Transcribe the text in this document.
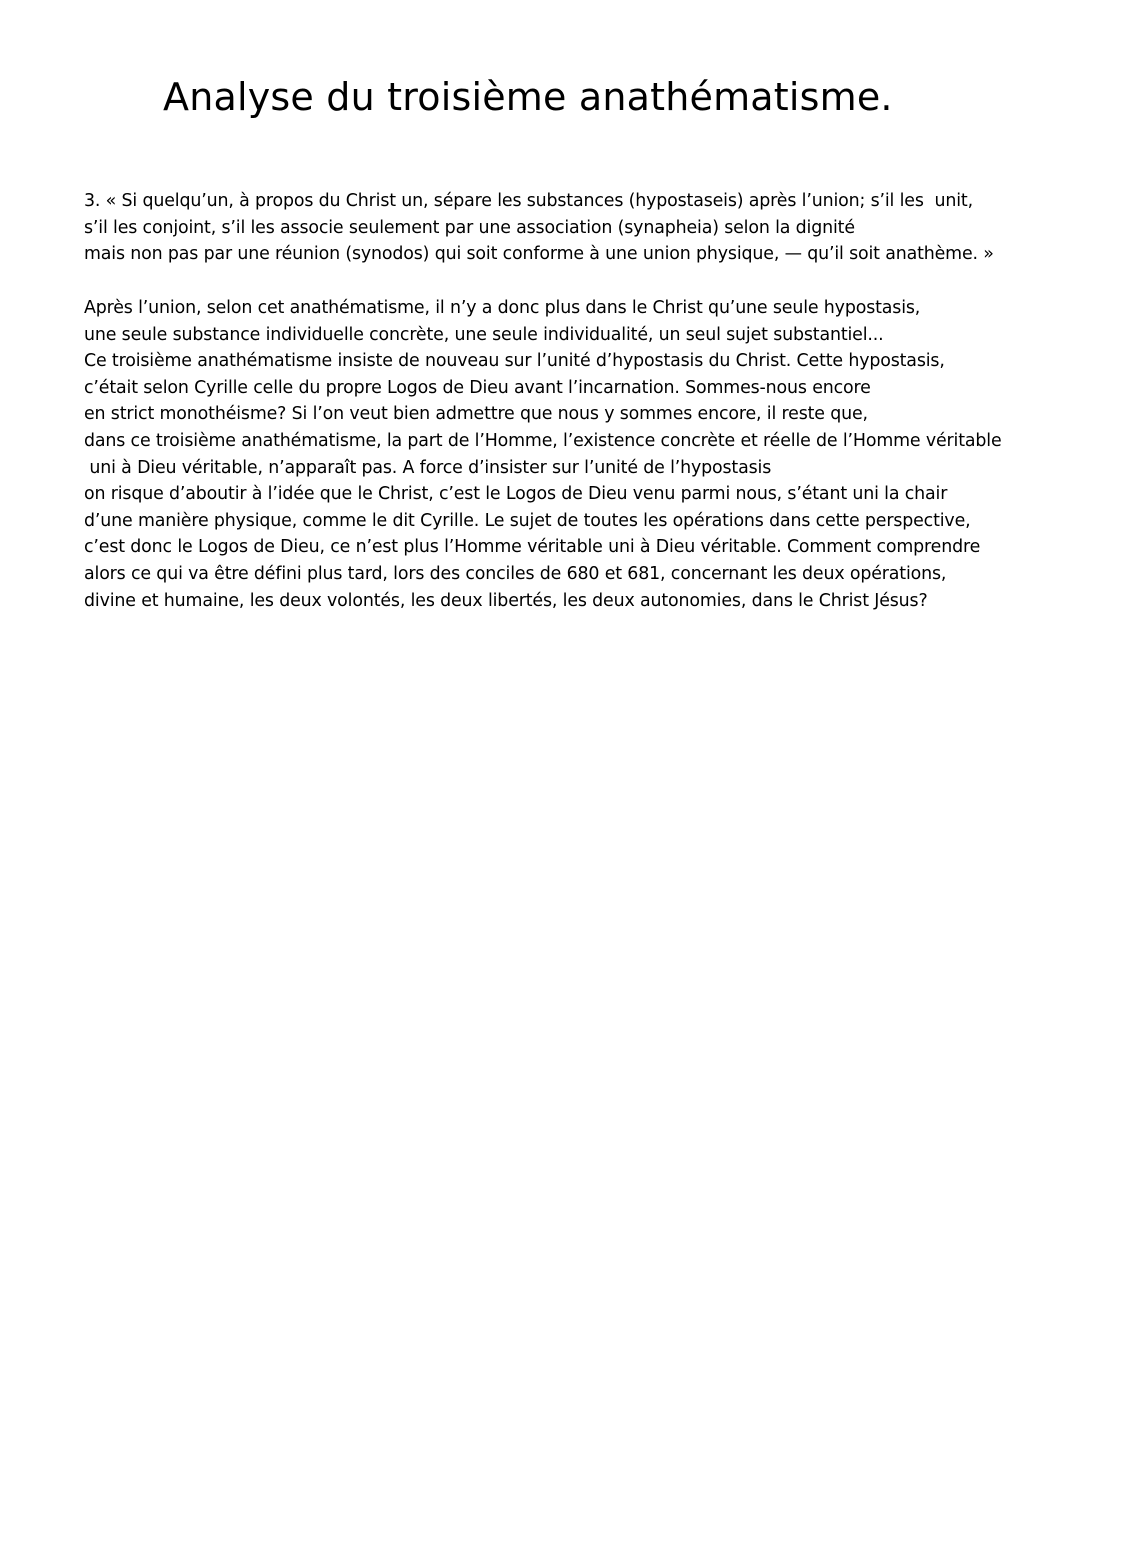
Analyse du troisième anathématisme.
3. « Si quelqu’un, à propos du Christ un, sépare les substances (hypostaseis) après l’union; s’il les  unit,
s’il les conjoint, s’il les associe seulement par une association (synapheia) selon la dignité
mais non pas par une réunion (synodos) qui soit conforme à une union physique, — qu’il soit anathème. »
Après l’union, selon cet anathématisme, il n’y a donc plus dans le Christ qu’une seule hypostasis,
une seule substance individuelle concrète, une seule individualité, un seul sujet substantiel...
Ce troisième anathématisme insiste de nouveau sur l’unité d’hypostasis du Christ. Cette hypostasis,
c’était selon Cyrille celle du propre Logos de Dieu avant l’incarnation. Sommes-nous encore
en strict monothéisme? Si l’on veut bien admettre que nous y sommes encore, il reste que,
dans ce troisième anathématisme, la part de l’Homme, l’existence concrète et réelle de l’Homme véritable
uni à Dieu véritable, n’apparaît pas. A force d’insister sur l’unité de l’hypostasis
on risque d’aboutir à l’idée que le Christ, c’est le Logos de Dieu venu parmi nous, s’étant uni la chair
d’une manière physique, comme le dit Cyrille. Le sujet de toutes les opérations dans cette perspective,
c’est donc le Logos de Dieu, ce n’est plus l’Homme véritable uni à Dieu véritable. Comment comprendre
alors ce qui va être défini plus tard, lors des conciles de 680 et 681, concernant les deux opérations,
divine et humaine, les deux volontés, les deux libertés, les deux autonomies, dans le Christ Jésus?
